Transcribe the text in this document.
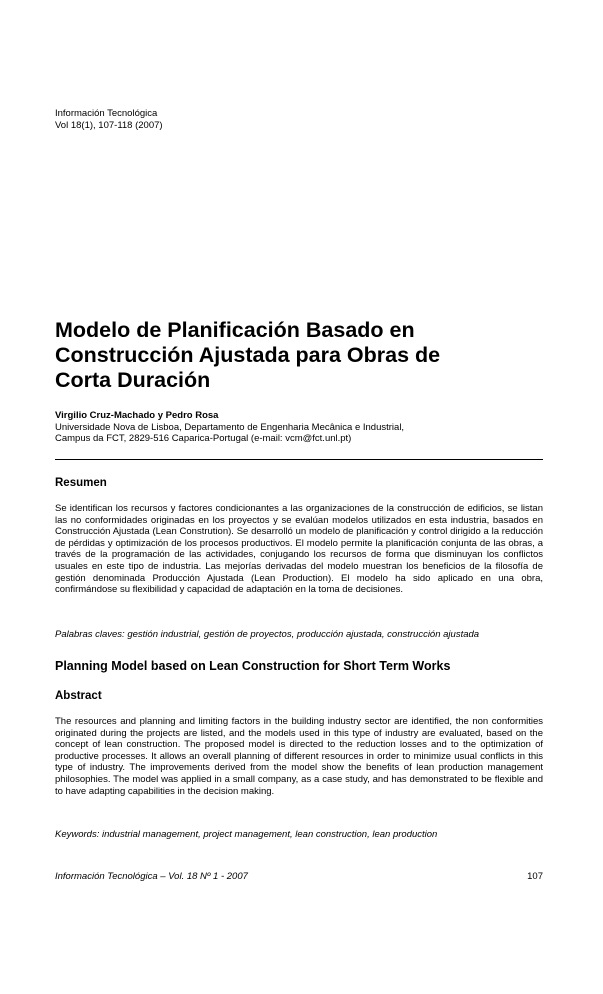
Información Tecnológica
Vol 18(1), 107-118 (2007)
Modelo de Planificación Basado en
Construcción Ajustada para Obras de
Corta Duración
Virgilio Cruz-Machado y Pedro Rosa
Universidade Nova de Lisboa, Departamento de Engenharia Mecânica e Industrial,
Campus da FCT, 2829-516 Caparica-Portugal (e-mail: vcm@fct.unl.pt)
Resumen

Se identifican los recursos y factores condicionantes a las organizaciones de la construcción de edificios, se listan las no conformidades originadas en los proyectos y se evalúan modelos utilizados en esta industria, basados en Construcción Ajustada (Lean Constrution). Se desarrolló un modelo de planificación y control dirigido a la reducción de pérdidas y optimización de los procesos productivos. El modelo permite la planificación conjunta de las obras, a través de la programación de las actividades, conjugando los recursos de forma que disminuyan los conflictos usuales en este tipo de industria. Las mejorías derivadas del modelo muestran los beneficios de la filosofía de gestión denominada Producción Ajustada (Lean Production). El modelo ha sido aplicado en una obra, confirmándose su flexibilidad y capacidad de adaptación en la toma de decisiones.

Palabras claves: gestión industrial, gestión de proyectos, producción ajustada, construcción ajustada

Planning Model based on Lean Construction for Short Term Works
Abstract

The resources and planning and limiting factors in the building industry sector are identified, the non conformities originated during the projects are listed, and the models used in this type of industry are evaluated, based on the concept of lean construction. The proposed model is directed to the reduction losses and to the optimization of productive processes. It allows an overall planning of different resources in order to minimize usual conflicts in this type of industry. The improvements derived from the model show the benefits of lean production management philosophies. The model was applied in a small company, as a case study, and has demonstrated to be flexible and to have adapting capabilities in the decision making.

Keywords: industrial management, project management, lean construction, lean production

Información Tecnológica – Vol. 18 Nº 1 - 2007	107
